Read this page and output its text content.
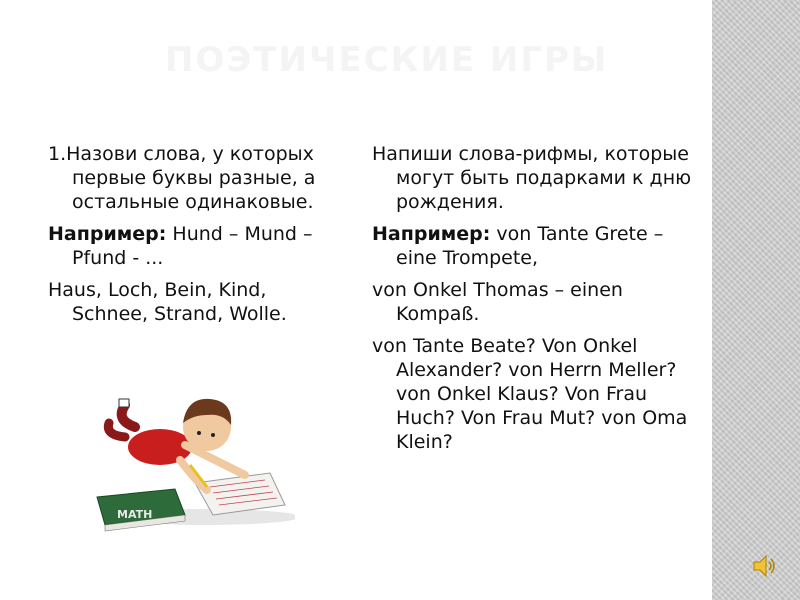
ПОЭТИЧЕСКИЕ ИГРЫ

1.Назови слова, у которых первые буквы разные, а остальные одинаковые.

Например: Hund – Mund – Pfund - ...

Haus, Loch, Bein, Kind, Schnee, Strand, Wolle.

Напиши слова-рифмы, которые могут быть подарками к дню рождения.

Например: von Tante Grete – eine Trompete,

von Onkel Thomas – einen Kompaß.

von Tante Beate? Von Onkel Alexander? von Herrn Meller? von Onkel Klaus? Von Frau Huch? Von Frau Mut? von Oma Klein?

MATH
